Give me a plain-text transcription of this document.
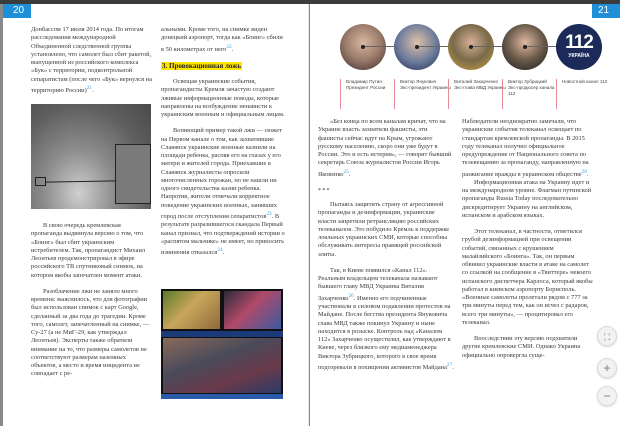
20

Донбассом 17 июля 2014 года. По итогам расследования международной Объединенной следственной группы установлено, что самолет был сбит ракетой, выпущенной из российского комплекса «Бук» с территории, подконтрольной сепаратистам (после чего «Бук» вернулся на территорию России)$^{21}$.

В свою очередь кремлевская пропаганда выдвинула версию о том, что «Боинг» был сбит украинским истребителем. Так, пропагандист Михаил Леонтьев продемонстрировал в эфире российского ТВ спутниковый снимок, на котором якобы запечатлен момент атаки.

Разоблачение лжи не заняло много времени: выяснилось, что для фотографии был использован снимок с карт Google, сделанный за два года до трагедии. Кроме того, самолет, запечатленный на снимке, — Су-27 (а не МиГ-29, как утверждал Леонтьев). Эксперты также обратили внимание на то, что размеры самолетов не соответствуют размерам наземных объектов, а место и время инцидента не совпадает с ре-

альными. Кроме того, на снимке виден донецкий аэропорт, тогда как «Боинг» сбили в 50 километрах от него$^{22}$.

3. Провокационная ложь

Освещая украинские события, пропагандисты Кремля зачастую создают лживые информационные поводы, которые направлены на возбуждение ненависти к украинским военным и официальным лицам.

Вопиющий пример такой лжи — сюжет на Первом канале о том, как захватившие Славянск украинские военные казнили на площади ребенка, распяв его на глазах у его матери и жителей города. Приехавшие в Славянск журналисты опросили многочисленных горожан, но не нашли ни одного свидетельства казни ребенка. Напротив, жители отмечали корректное поведение украинских военных, занявших город после отступления сепаратистов$^{23}$. В результате разразившегося скандала Первый канал признал, что подтверждений истории о «распятом мальчике» не имеет, но приносить извинения отказался$^{24}$.

21
Владимир Путин
Президент России
Виктор Янукович
Экс-президент Украины
Виталий Захарченко
Экс-глава МВД Украины
Виктор Зубрицкий
Экс-продюсер канала 112
112
УКРАЇНА
Новостной канал 112

«Без конца по всем каналам кричат, что на Украине власть захватили фашисты, эти фашисты сейчас идут на Крым, угрожают русскому населению, скоро они уже будут в России. Это и есть истерия», — говорит бывший секретарь Союза журналистов России Игорь Яковенко$^{25}$.

***

Пытаясь защитить страну от агрессивной пропаганды и дезинформации, украинские власти запретили ретрансляцию российских телеканалов. Это побудило Кремль к поддержке лояльных украинских СМИ, которые способны обслуживать интересы правящей российской элиты.

Так, в Киеве появился «Канал 112». Реальным владельцем телеканала называют бывшего главу МВД Украины Виталия Захарченко$^{26}$. Именно его подчиненные участвовали в силовом подавлении протестов на Майдане. После бегства президента Януковича глава МВД также покинул Украину и ныне находится в розыске. Контроль над «Каналом 112» Захарченко осуществлял, как утверждают в Киеве, через близкого ему медиаменеджера Виктора Зубрицкого, которого в свое время подозревали в похищении активистов Майдана$^{27}$.

Наблюдатели неоднократно замечали, что украинские события телеканал освещает по стандартам кремлевской пропаганды. В 2015 году телеканал получил официальное предупреждение от Национального совета по телевещанию за пропаганду, направленную на разжигание вражды в украинском обществе$^{28}$.

Информационная атака на Украину идет и на международном уровне. Флагман путинской пропаганды Russia Today последовательно дискредитирует Украину на английском, испанском и арабском языках.

Этот телеканал, в частности, отметился грубой дезинформацией при освещении событий, связанных с крушением малайзийского «Боинга». Так, он первым обвинил украинские власти в атаке на самолет со ссылкой на сообщение в «Твиттере» некоего испанского диспетчера Карлоса, который якобы работал в киевском аэропорту Борисполь. «Военные самолеты пролетали рядом с 777 за три минуты перед тем, как он исчез с радаров, всего три минуты», — процитировал его телеканал.

Впоследствии эту версию подхватили другие кремлевские СМИ. Однако Украина официально опровергла суще-

⛶
+
−
